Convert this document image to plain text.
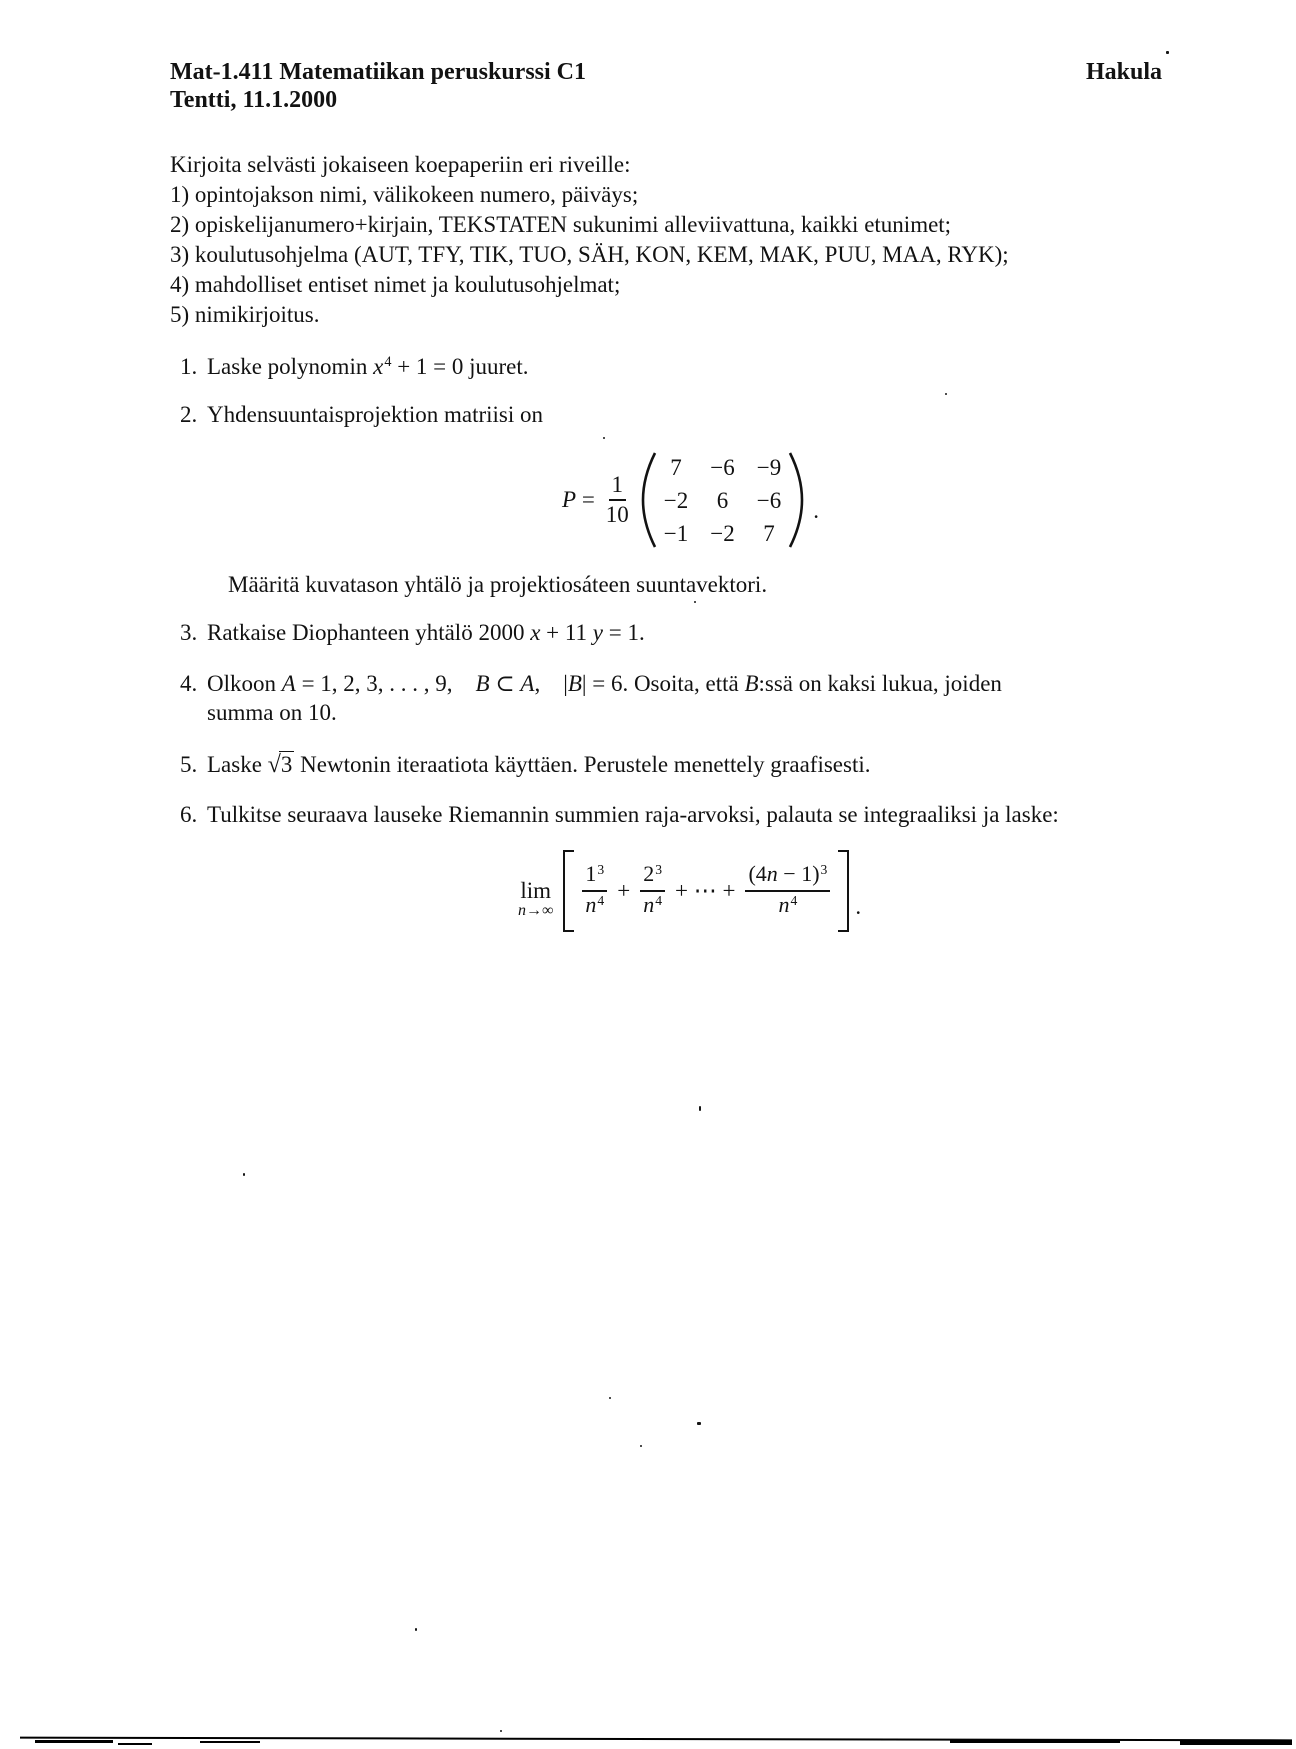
Mat-1.411 Matematiikan peruskurssi C1
Tentti, 11.1.2000
Hakula
Kirjoita selvästi jokaiseen koepaperiin eri riveille:
1) opintojakson nimi, välikokeen numero, päiväys;
2) opiskelijanumero+kirjain, TEKSTATEN sukunimi alleviivattuna, kaikki etunimet;
3) koulutusohjelma (AUT, TFY, TIK, TUO, SÄH, KON, KEM, MAK, PUU, MAA, RYK);
4) mahdolliset entiset nimet ja koulutusohjelmat;
5) nimikirjoitus.
1. Laske polynomin $x^4 + 1 = 0$ juuret.
2. Yhdensuuntaisprojektion matriisi on
$P = \frac{1}{10}$
7 −6 −9
−2 6 −6
−1 −2 7
.
Määritä kuvatason yhtälö ja projektiosáteen suuntavektori.
3. Ratkaise Diophanteen yhtälö 2000 x + 11 y = 1.
4. Olkoon A = 1, 2, 3, . . . , 9, B ⊂ A, |B| = 6. Osoita, että B:ssä on kaksi lukua, joiden
summa on 10.
5. Laske √3 Newtonin iteraatiota käyttäen. Perustele menettely graafisesti.
6. Tulkitse seuraava lauseke Riemannin summien raja-arvoksi, palauta se integraaliksi ja laske:
lim
$n\to\infty \frac{1^3}{n^4} + \frac{2^3}{n^4}$ + ⋯ + $\frac{(4n - 1)^3}{n^4}$ .
